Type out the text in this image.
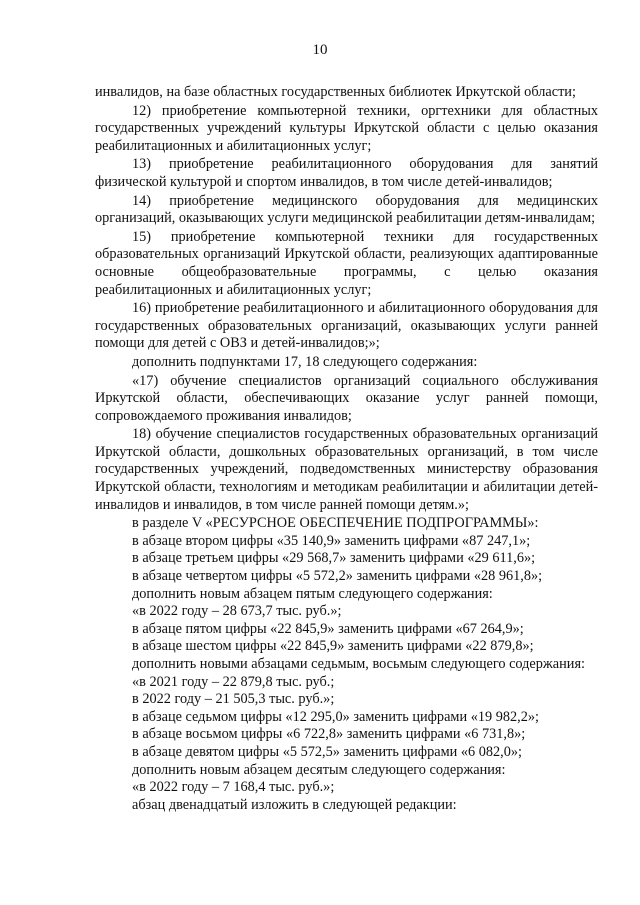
10

инвалидов, на базе областных государственных библиотек Иркутской области;

12) приобретение компьютерной техники, оргтехники для областных государственных учреждений культуры Иркутской области с целью оказания реабилитационных и абилитационных услуг;

13) приобретение реабилитационного оборудования для занятий физической культурой и спортом инвалидов, в том числе детей-инвалидов;

14) приобретение медицинского оборудования для медицинских организаций, оказывающих услуги медицинской реабилитации детям-инвалидам;

15) приобретение компьютерной техники для государственных образовательных организаций Иркутской области, реализующих адаптированные основные общеобразовательные программы, с целью оказания реабилитационных и абилитационных услуг;

16) приобретение реабилитационного и абилитационного оборудования для государственных образовательных организаций, оказывающих услуги ранней помощи для детей с ОВЗ и детей-инвалидов;»;

дополнить подпунктами 17, 18 следующего содержания:

«17) обучение специалистов организаций социального обслуживания Иркутской области, обеспечивающих оказание услуг ранней помощи, сопровождаемого проживания инвалидов;

18) обучение специалистов государственных образовательных организаций Иркутской области, дошкольных образовательных организаций, в том числе государственных учреждений, подведомственных министерству образования Иркутской области, технологиям и методикам реабилитации и абилитации детей-инвалидов и инвалидов, в том числе ранней помощи детям.»;

в разделе V «РЕСУРСНОЕ ОБЕСПЕЧЕНИЕ ПОДПРОГРАММЫ»:

в абзаце втором цифры «35 140,9» заменить цифрами «87 247,1»;

в абзаце третьем цифры «29 568,7» заменить цифрами «29 611,6»;

в абзаце четвертом цифры «5 572,2» заменить цифрами «28 961,8»;

дополнить новым абзацем пятым следующего содержания:

«в 2022 году – 28 673,7 тыс. руб.»;

в абзаце пятом цифры «22 845,9» заменить цифрами «67 264,9»;

в абзаце шестом цифры «22 845,9» заменить цифрами «22 879,8»;

дополнить новыми абзацами седьмым, восьмым следующего содержания:

«в 2021 году – 22 879,8 тыс. руб.;

в 2022 году – 21 505,3 тыс. руб.»;

в абзаце седьмом цифры «12 295,0» заменить цифрами «19 982,2»;

в абзаце восьмом цифры «6 722,8» заменить цифрами «6 731,8»;

в абзаце девятом цифры «5 572,5» заменить цифрами «6 082,0»;

дополнить новым абзацем десятым следующего содержания:

«в 2022 году – 7 168,4 тыс. руб.»;

абзац двенадцатый изложить в следующей редакции:
